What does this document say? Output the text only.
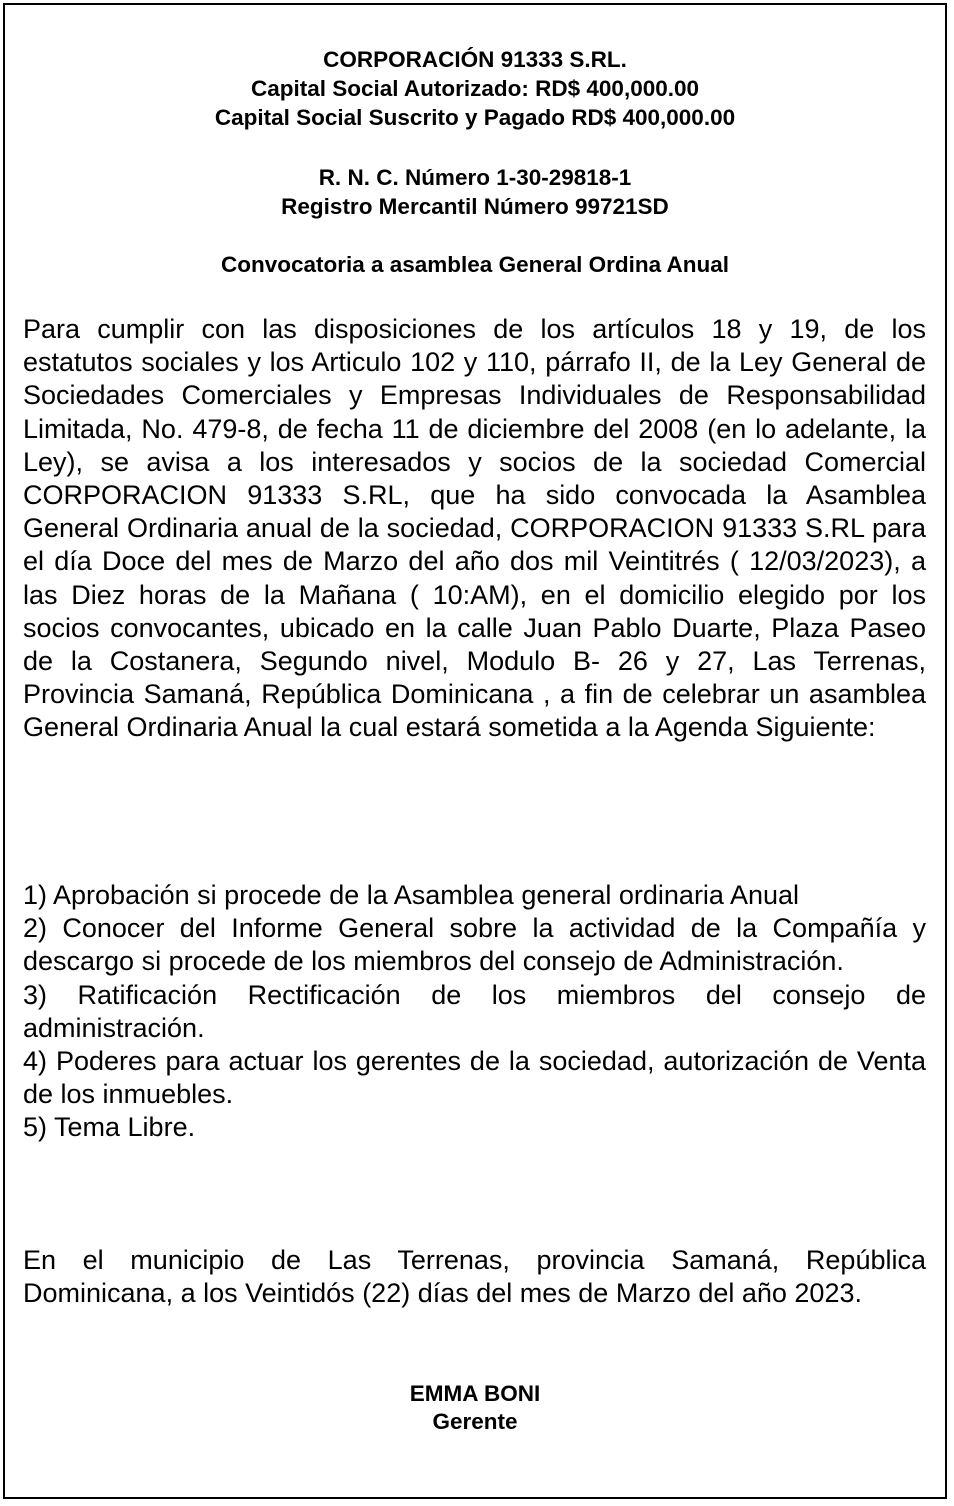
CORPORACIÓN 91333 S.RL.

Capital Social Autorizado: RD$ 400,000.00

Capital Social Suscrito y Pagado RD$ 400,000.00

R. N. C. Número 1-30-29818-1

Registro Mercantil Número 99721SD

Convocatoria a asamblea General Ordina Anual

Para cumplir con las disposiciones de los artículos 18 y 19, de los estatutos sociales y los Articulo 102 y 110, párrafo II, de la Ley General de Sociedades Comerciales y Empresas Individuales de Responsabilidad Limitada, No. 479-8, de fecha 11 de diciembre del 2008 (en lo adelante, la Ley), se avisa a los interesados y socios de la sociedad Comercial CORPORACION 91333 S.RL, que ha sido convocada la Asamblea General Ordinaria anual de la sociedad, CORPORACION 91333 S.RL para el día Doce del mes de Marzo del año dos mil Veintitrés ( 12/03/2023), a las Diez horas de la Mañana ( 10:AM), en el domicilio elegido por los socios convocantes, ubicado en la calle Juan Pablo Duarte, Plaza Paseo de la Costanera, Segundo nivel, Modulo B- 26 y 27, Las Terrenas, Provincia Samaná, República Dominicana , a fin de celebrar un asamblea General Ordinaria Anual la cual estará sometida a la Agenda Siguiente:

1) Aprobación si procede de la Asamblea general ordinaria Anual

2) Conocer del Informe General sobre la actividad de la Compañía y descargo si procede de los miembros del consejo de Administración.

3) Ratificación Rectificación de los miembros del consejo de administración.

4) Poderes para actuar los gerentes de la sociedad, autorización de Venta de los inmuebles.

5) Tema Libre.

En el municipio de Las Terrenas, provincia Samaná, República Dominicana, a los Veintidós (22) días del mes de Marzo del año 2023.

EMMA BONI

Gerente
